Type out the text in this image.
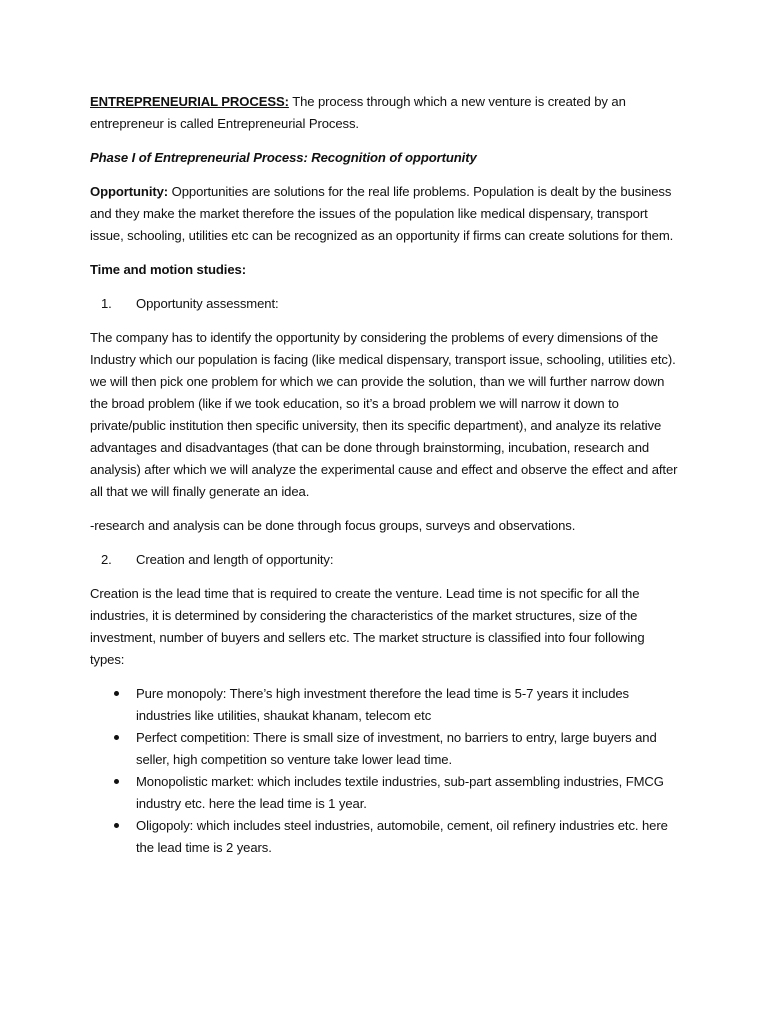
ENTREPRENEURIAL PROCESS: The process through which a new venture is created by an entrepreneur is called Entrepreneurial Process.

Phase I of Entrepreneurial Process: Recognition of opportunity

Opportunity: Opportunities are solutions for the real life problems. Population is dealt by the business and they make the market therefore the issues of the population like medical dispensary, transport issue, schooling, utilities etc can be recognized as an opportunity if firms can create solutions for them.

Time and motion studies:

1. Opportunity assessment:

The company has to identify the opportunity by considering the problems of every dimensions of the Industry which our population is facing (like medical dispensary, transport issue, schooling, utilities etc). we will then pick one problem for which we can provide the solution, than we will further narrow down the broad problem (like if we took education, so it’s a broad problem we will narrow it down to private/public institution then specific university, then its specific department), and analyze its relative advantages and disadvantages (that can be done through brainstorming, incubation, research and analysis) after which we will analyze the experimental cause and effect and observe the effect and after all that we will finally generate an idea.

-research and analysis can be done through focus groups, surveys and observations.

2. Creation and length of opportunity:

Creation is the lead time that is required to create the venture. Lead time is not specific for all the industries, it is determined by considering the characteristics of the market structures, size of the investment, number of buyers and sellers etc. The market structure is classified into four following types:

Pure monopoly: There’s high investment therefore the lead time is 5-7 years it includes industries like utilities, shaukat khanam, telecom etc
Perfect competition: There is small size of investment, no barriers to entry, large buyers and seller, high competition so venture take lower lead time.
Monopolistic market: which includes textile industries, sub-part assembling industries, FMCG industry etc. here the lead time is 1 year.
Oligopoly: which includes steel industries, automobile, cement, oil refinery industries etc. here the lead time is 2 years.
